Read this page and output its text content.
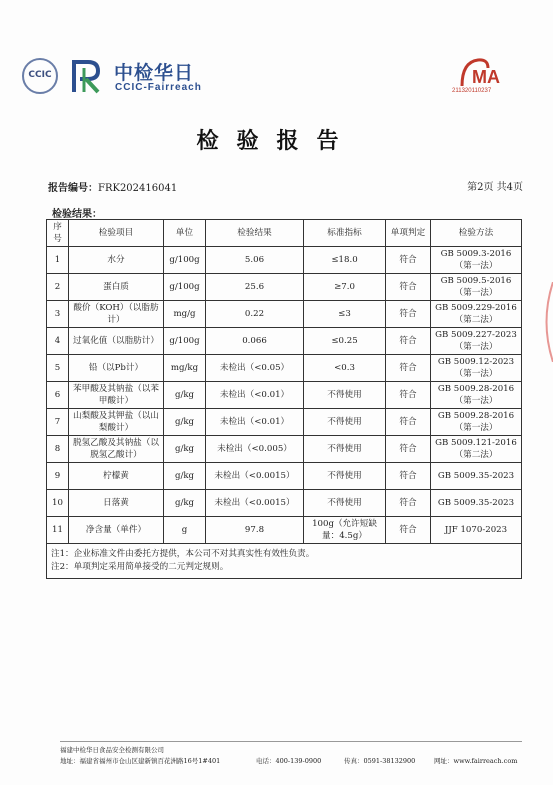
CCIC	中检华日
CCIC-Fairreach
MA
211320110237
检验报告
报告编号：FRK202416041	第2页 共4页
检验结果：
序号	检验项目	单位	检验结果	标准指标	单项判定	检验方法
1	水分	g/100g	5.06	≤18.0	符合	GB 5009.3-2016（第一法）
2	蛋白质	g/100g	25.6	≥7.0	符合	GB 5009.5-2016（第一法）
3	酸价（KOH）（以脂肪计）	mg/g	0.22	≤3	符合	GB 5009.229-2016（第二法）
4	过氧化值（以脂肪计）	g/100g	0.066	≤0.25	符合	GB 5009.227-2023（第一法）
5	铅（以Pb计）	mg/kg	未检出（<0.05）	<0.3	符合	GB 5009.12-2023（第一法）
6	苯甲酸及其钠盐（以苯甲酸计）	g/kg	未检出（<0.01）	不得使用	符合	GB 5009.28-2016（第一法）
7	山梨酸及其钾盐（以山梨酸计）	g/kg	未检出（<0.01）	不得使用	符合	GB 5009.28-2016（第一法）
8	脱氢乙酸及其钠盐（以脱氢乙酸计）	g/kg	未检出（<0.005）	不得使用	符合	GB 5009.121-2016（第二法）
9	柠檬黄	g/kg	未检出（<0.0015）	不得使用	符合	GB 5009.35-2023
10	日落黄	g/kg	未检出（<0.0015）	不得使用	符合	GB 5009.35-2023
11	净含量（单件）	g	97.8	100g（允许短缺量：4.5g）	符合	JJF 1070-2023

注1：企业标准文件由委托方提供，本公司不对其真实性有效性负责。
注2：单项判定采用简单接受的二元判定规则。						
福建中检华日食品安全检测有限公司
地址：福建省福州市仓山区建新镇百花洲路16号1#401	电话：400-139-0900	传真：0591-38132900	网址：www.fairreach.com
